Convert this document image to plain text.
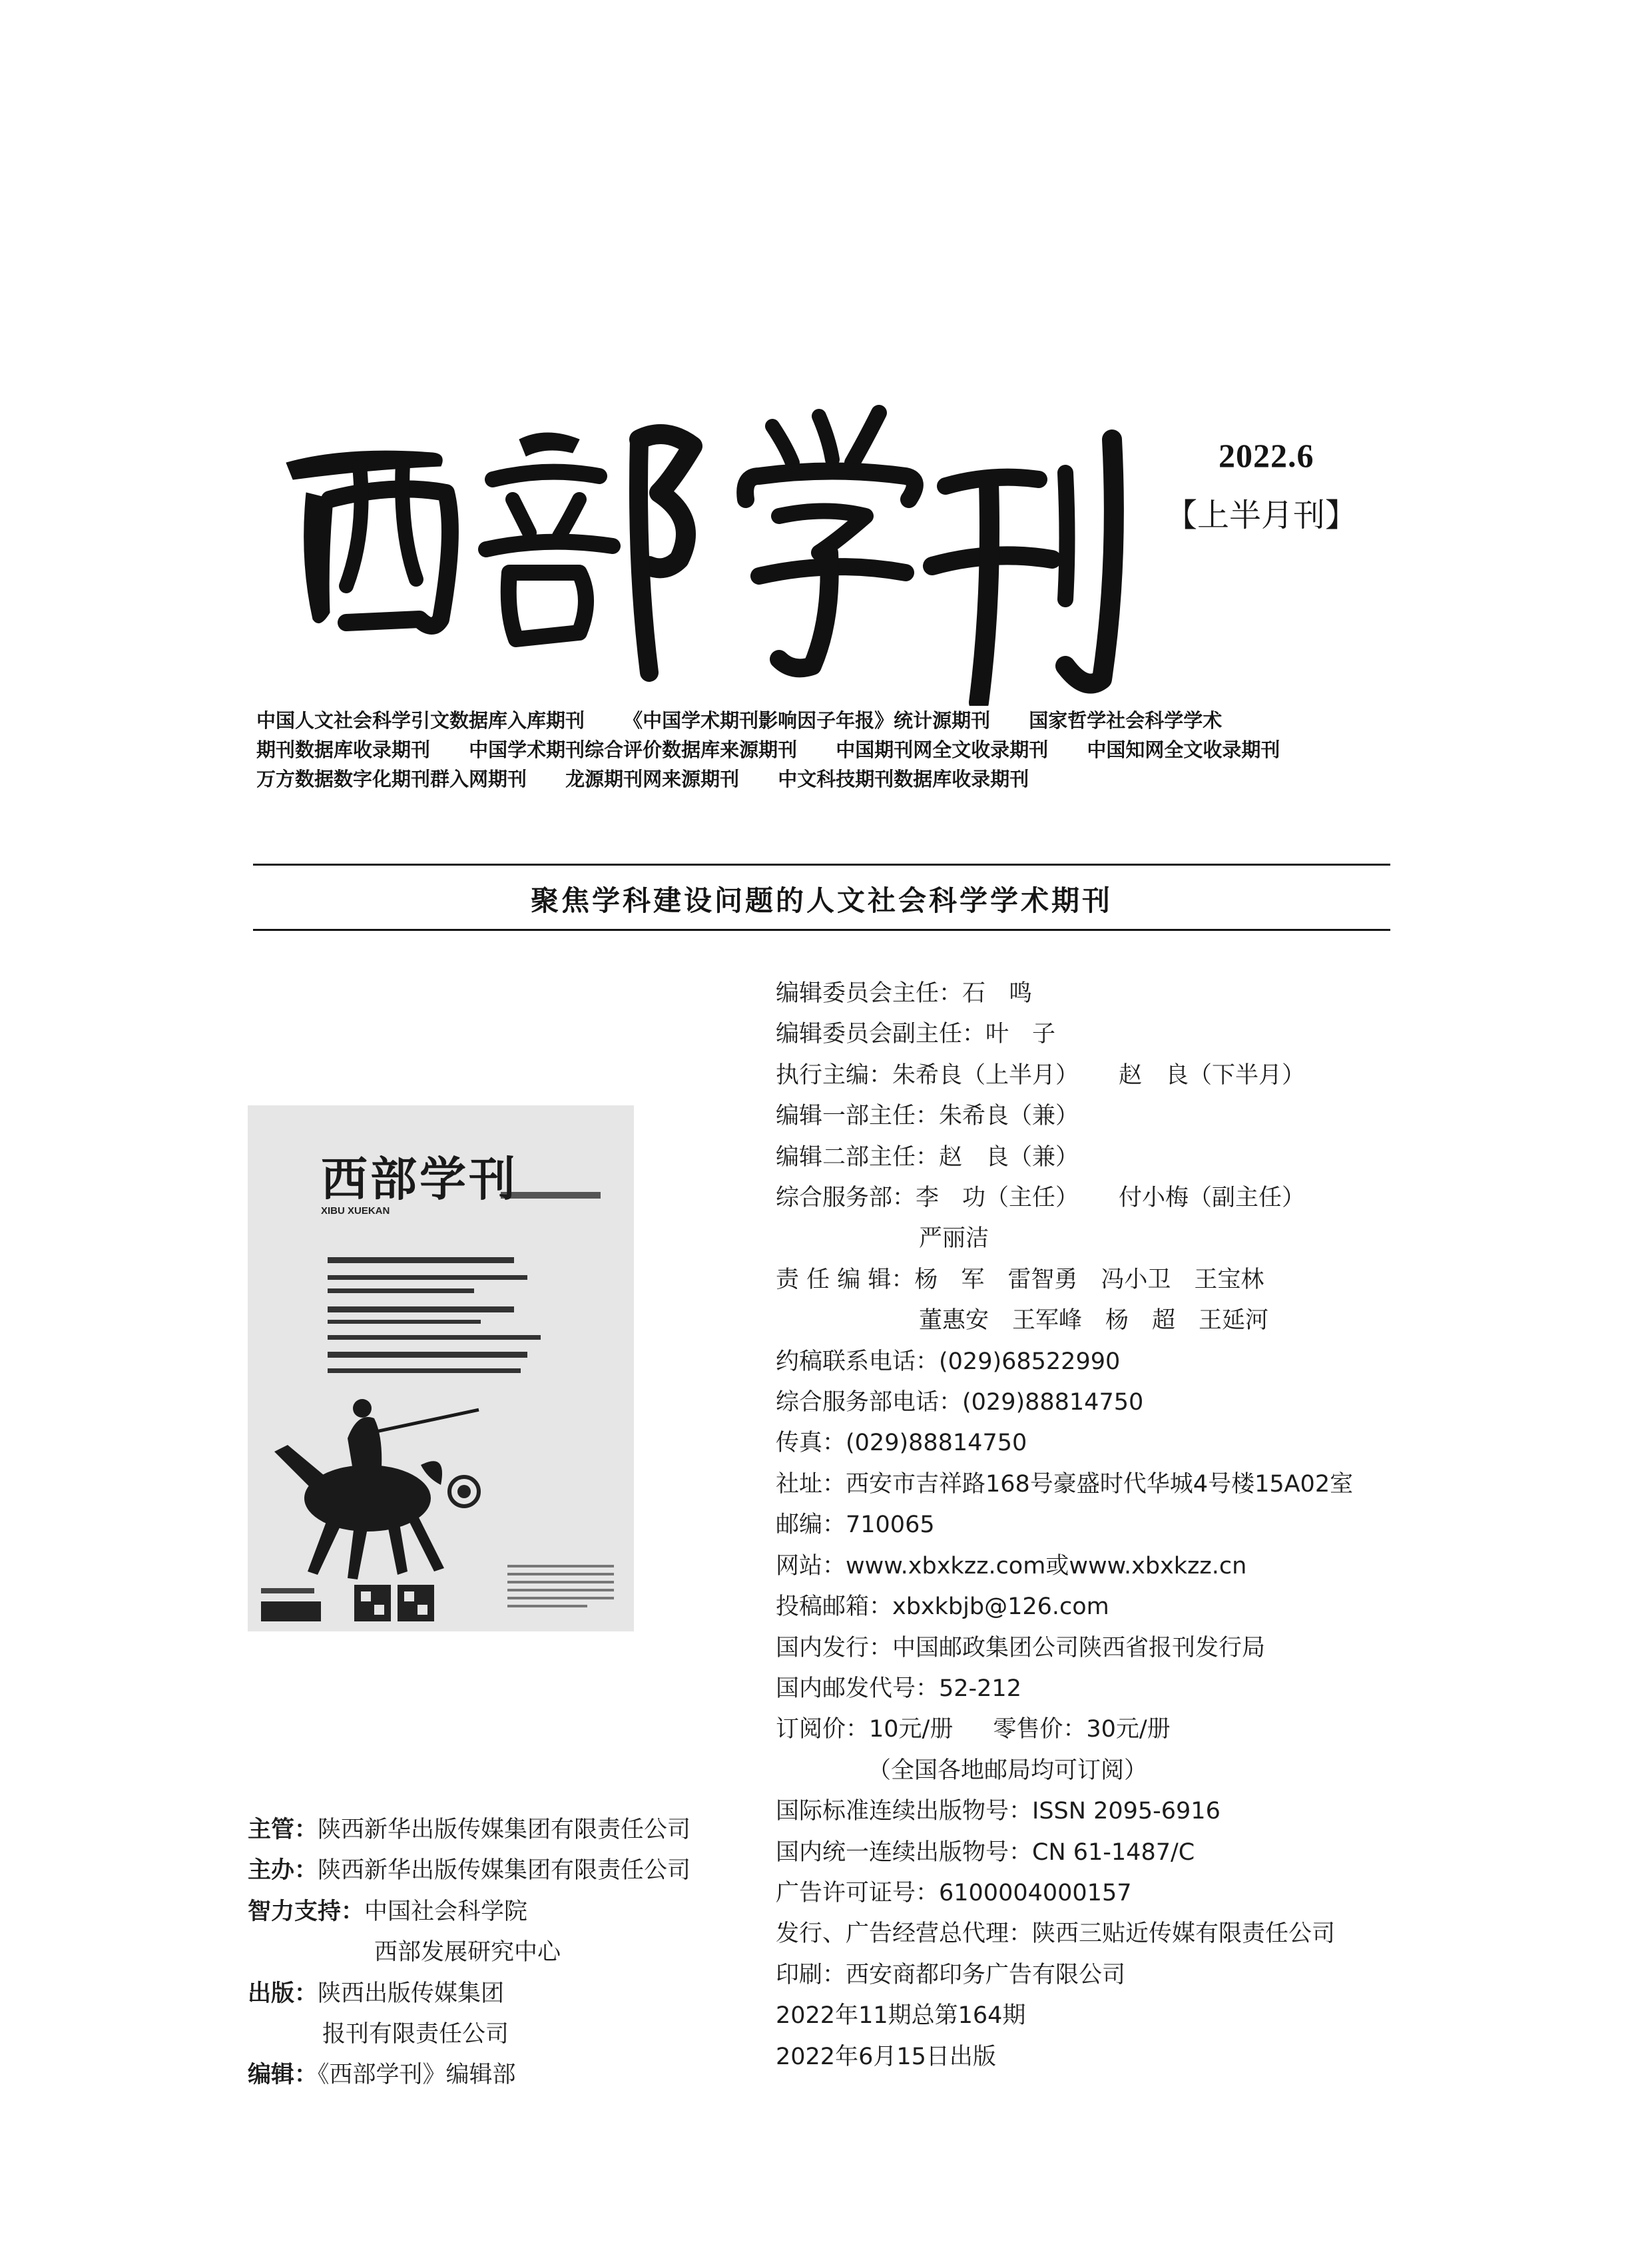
2022.6
【上半月刊】
中国人文社会科学引文数据库入库期刊 《中国学术期刊影响因子年报》统计源期刊 国家哲学社会科学学术
期刊数据库收录期刊 中国学术期刊综合评价数据库来源期刊 中国期刊网全文收录期刊 中国知网全文收录期刊
万方数据数字化期刊群入网期刊 龙源期刊网来源期刊 中文科技期刊数据库收录期刊
聚焦学科建设问题的人文社会科学学术期刊
西部学刊
XIBU XUEKAN
编辑委员会主任：石　鸣
编辑委员会副主任：叶　子
执行主编：朱希良（上半月） 赵　良（下半月）
编辑一部主任：朱希良（兼）
编辑二部主任：赵　良（兼）
综合服务部：李　功（主任） 付小梅（副主任）
严丽洁
责 任 编 辑：杨　军　雷智勇　冯小卫　王宝林
董惠安　王军峰　杨　超　王延河
约稿联系电话：(029)68522990
综合服务部电话：(029)88814750
传真：(029)88814750
社址：西安市吉祥路168号豪盛时代华城4号楼15A02室
邮编：710065
网站：www.xbxkzz.com或www.xbxkzz.cn
投稿邮箱：xbxkbjb@126.com
国内发行：中国邮政集团公司陕西省报刊发行局
国内邮发代号：52-212
订阅价：10元/册 零售价：30元/册
（全国各地邮局均可订阅）
国际标准连续出版物号：ISSN 2095-6916
国内统一连续出版物号：CN 61-1487/C
广告许可证号：6100004000157
发行、广告经营总代理：陕西三贴近传媒有限责任公司
印刷：西安商都印务广告有限公司
2022年11期总第164期
2022年6月15日出版
主管：陕西新华出版传媒集团有限责任公司
主办：陕西新华出版传媒集团有限责任公司
智力支持：中国社会科学院
西部发展研究中心
出版：陕西出版传媒集团
报刊有限责任公司
编辑：《西部学刊》编辑部
